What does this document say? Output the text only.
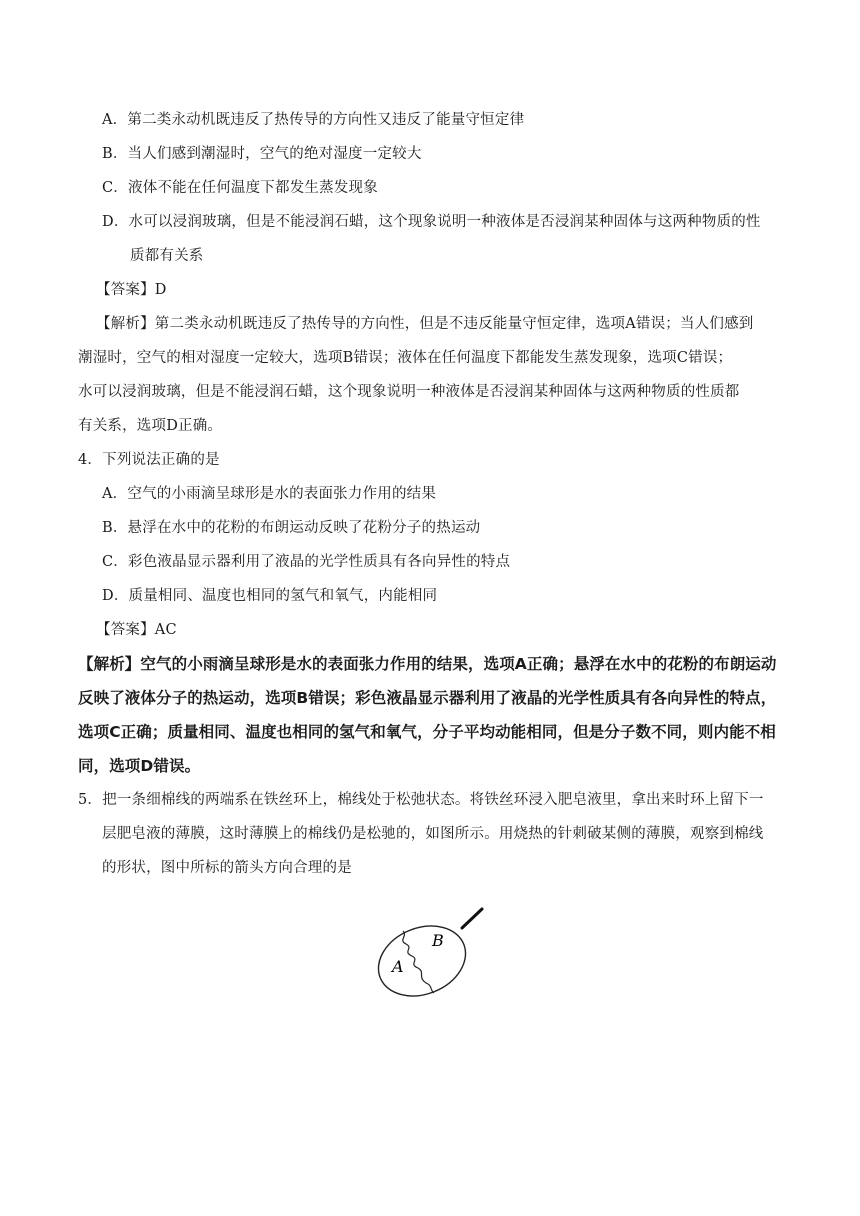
A．第二类永动机既违反了热传导的方向性又违反了能量守恒定律
B．当人们感到潮湿时，空气的绝对湿度一定较大
C．液体不能在任何温度下都发生蒸发现象
D．水可以浸润玻璃，但是不能浸润石蜡，这个现象说明一种液体是否浸润某种固体与这两种物质的性
质都有关系
【答案】D
【解析】第二类永动机既违反了热传导的方向性，但是不违反能量守恒定律，选项A错误；当人们感到
潮湿时，空气的相对湿度一定较大，选项B错误；液体在任何温度下都能发生蒸发现象，选项C错误；
水可以浸润玻璃，但是不能浸润石蜡，这个现象说明一种液体是否浸润某种固体与这两种物质的性质都
有关系，选项D正确。
4．下列说法正确的是
A．空气的小雨滴呈球形是水的表面张力作用的结果
B．悬浮在水中的花粉的布朗运动反映了花粉分子的热运动
C．彩色液晶显示器利用了液晶的光学性质具有各向异性的特点
D．质量相同、温度也相同的氢气和氧气，内能相同
【答案】AC
【解析】空气的小雨滴呈球形是水的表面张力作用的结果，选项A正确；悬浮在水中的花粉的布朗运动
反映了液体分子的热运动，选项B错误；彩色液晶显示器利用了液晶的光学性质具有各向异性的特点，
选项C正确；质量相同、温度也相同的氢气和氧气，分子平均动能相同，但是分子数不同，则内能不相
同，选项D错误。
5．把一条细棉线的两端系在铁丝环上，棉线处于松弛状态。将铁丝环浸入肥皂液里，拿出来时环上留下一
层肥皂液的薄膜，这时薄膜上的棉线仍是松驰的，如图所示。用烧热的针刺破某侧的薄膜，观察到棉线
的形状，图中所标的箭头方向合理的是
A
B
